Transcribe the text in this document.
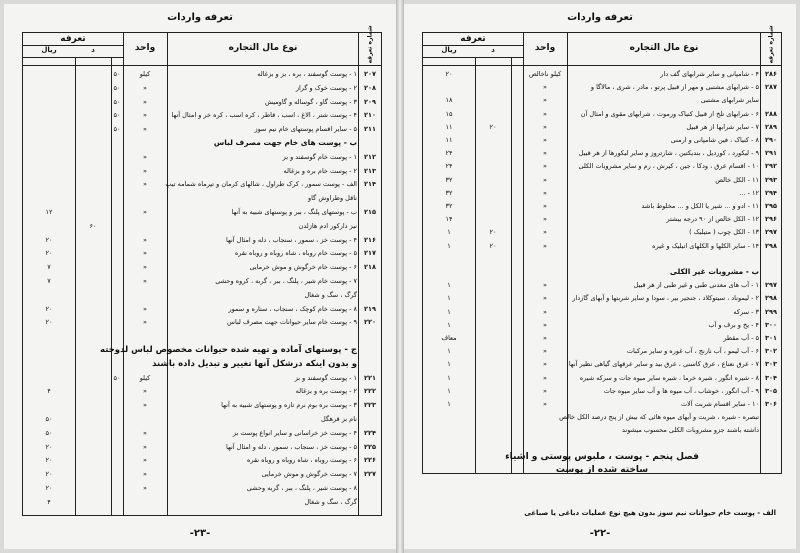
تعرفه واردات
شماره تعرفه
نوع مال التجاره
واحد
تعرفه
ریال	د
۲۰۷
۱ - پوست گوسفند ، بره ، بز و بزغاله
کیلو
۵۰
۲۰۸
۲ - پوست خوک و گراز
»
۵۰
۲۰۹
۳ - پوست گاو ، گوساله و گاومیش
»
۵۰
۲۱۰
۴ - پوست شتر ، الاغ ، اسب ، قاطر ، کره اسب ، کره خر و امثال آنها
»
۵۰
۲۱۱
۵ - سایر اقسام پوستهای خام نیم سوز
»
۵۰
ب - پوست های خام جهت مصرف لباس
۲۱۲
۱ - پوست خام گوسفند و بز
»
۲۱۳
۲ - پوست خام بره و بزغاله
»
۲۱۴
الف - پوست سمور ، کرک طراول ، شالهای کرمان و تیرماه شمامه تیپ
»
ناقل وطراوش گاو
۲۱۵
ب - پوستهای پلنگ ، ببر و پوستهای شبیه به آنها
»
۱۲
نیز دارکور ادم هازلدن
۶۰
۲۱۶
۴ - پوست خز ، سمور ، سنجاب ، دله و امثال آنها
»
۲۰
۲۱۷
۵ - پوست خام روباه ، شاه روباه و روباه نقره
»
۲۰
۲۱۸
۶ - پوست خام خرگوش و موش خرمایی
»
۷
۷ - پوست خام شیر ، پلنگ ، ببر ، گربه ، کروه وحشی
»
۷
گرگ ، سگ و شغال
۲۱۹
۸ - پوست خام کوچک ، سنجاب ، ستاره و سمور
»
۲۰
۲۲۰
۹ - پوست خام سایر حیوانات جهت مصرف لباس
»
۲۰
ج - پوستهای آماده و تهیه شده حیوانات مخصوص لباس لدوخته
و بدون اینکه درشکل آنها تغییر و تبدیل داده باشند
۲۲۱
۱ - پوست گوسفند و بز
کیلو
۵۰
۲۲۲
۲ - پوست بره و بزغاله
»
۴
۲۲۳
۳ - پوست بره بوم نرم تازه و پوستهای شبیه به آنها
»
نام بز قرهگل
۵۰
۲۲۴
۴ - پوست خز خراسانی و سایر انواع پوست بز
»
۵۰
۲۲۵
۵ - پوست خز ، سنجاب ، سمور ، دله و امثال آنها
»
۲۰
۲۲۶
۶ - پوست روباه ، شاه روباه و روباه نقره
»
۲۰
۲۲۷
۷ - پوست خرگوش و موش خرمایی
»
۲۰
۸ - پوست شیر ، پلنگ ، ببر ، گربه وحشی
»
۲۰
گرگ ، سگ و شغال
۴
-۲۳-
تعرفه واردات
شماره تعرفه
نوع مال التجاره
واحد
تعرفه
ریال	د
۲۸۶
۴ - شامپانی و سایر شرابهای گف دار
کیلو ناخالص
۲۰
۲۸۷
۵ - شرابهای مشتبی و مهر از قبیل پرتو ، مادر ، شری ، مالاگا و
»
سایر شرابهای مشتبی
»
۱۸
۲۸۸
۶ - شرابهای تلخ از قبیل کنیاک ورموت ، شرابهای مقوی و امثال آن
»
۱۵
۲۸۹
۷ - سایر شرابها از هر قبیل
»
۲۰
۱۱
۲۹۰
۸ - کنیاک ، فین شامپانی و ارمنی
»
۱۱
۲۹۱
۹ - لیکورد ، کوردیل ، بندیکتین ، شارتروز و سایر لیکورها از هر قبیل
»
۲۴
۲۹۲
۱۰ - اقسام عرق ، ودکا ، جین ، کیرش ، رم و سایر مشروبات الکلی
»
۲۴
۲۹۳
۱۱ - الکل خالص
»
۳۲
۲۹۴
۱۲ - ...
»
۳۲
۲۹۵
۱۱ - ادو و ... شیر یا الکل و ... مخلوط باشد
»
۳۲
۲۹۶
۱۲ - الکل خالص از ۹۰ درجه بیشتر
»
۱۴
۲۹۷
۱۳ - الکل چوب ( متیلیک )
»
۲۰
۱
۲۹۸
۱۴ - سایر الکلها و الکلهای اتیلیک و غیره
»
۲۰
۱
ب - مشروبات غیر الکلی
۲۹۷
۱ - آب های معدنی طبی و غیر طبی از هر قبیل
»
۱
۲۹۸
۲ - لیموناد ، سیتوکلاد ، جنجیر بیر ، سودا و سایر شربتها و آبهای گازدار
»
۱
۲۹۹
۳ - سرکه
»
۱
۳۰۰
۴ - یخ و برف و آب
»
۱
۳۰۱
۵ - آب مقطر
»
معاف
۳۰۲
۶ - آب لیمو ، آب نارنج ، آب غوره و سایر مرکبات
»
۱
۳۰۳
۷ - عرق نعناع ، عرق کاسنی ، عرق بید و سایر عرقهای گیاهی نظیر آنها
»
۱
۳۰۴
۸ - شیره انگور ، شیره خرما ، شیره سایر میوه جات و سرکه شیره
»
۱
۳۰۵
۹ - آب انگور ، خوشاب ، آب میوه ها و آب سایر میوه جات
»
۱
۳۰۶
۱۰ - سایر اقسام شربت آلات
»
۱
تبصره - شیره ، شربت و آبهای میوه هائی که بیش از پنج درصد الکل خالص
داشته باشند جزو مشروبات الکلی محسوب میشوند
فصل پنجم - پوست ، ملبوس پوستی و اشیاء
ساخته شده از پوست
الف - پوست خام حیوانات نیم سوز بدون هیچ نوع عملیات دباغی یا صباغی
-۲۲-
